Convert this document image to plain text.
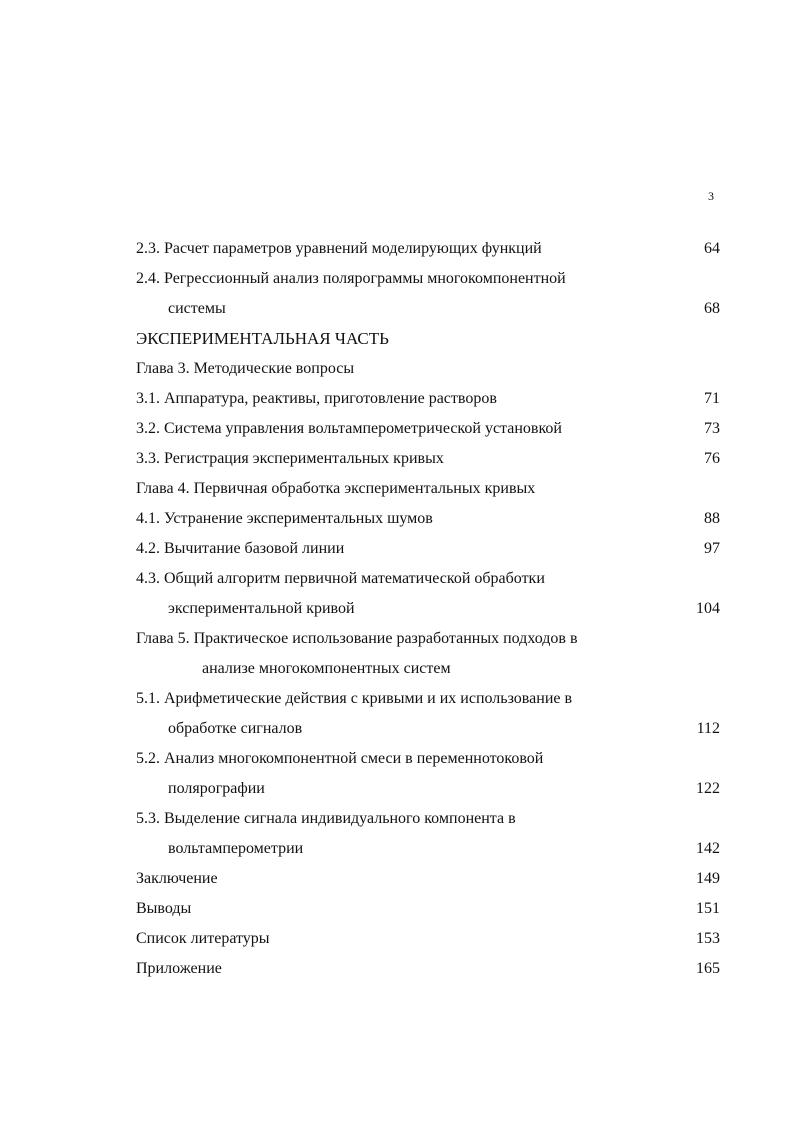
3
2.3. Расчет параметров уравнений моделирующих функций	64
2.4. Регрессионный анализ полярограммы многокомпонентной
системы	68
ЭКСПЕРИМЕНТАЛЬНАЯ ЧАСТЬ
Глава 3. Методические вопросы
3.1. Аппаратура, реактивы, приготовление растворов	71
3.2. Система управления вольтамперометрической установкой	73
3.3. Регистрация экспериментальных кривых	76
Глава 4. Первичная обработка экспериментальных кривых
4.1. Устранение экспериментальных шумов	88
4.2. Вычитание базовой линии	97
4.3. Общий алгоритм первичной математической обработки
экспериментальной кривой	104
Глава 5. Практическое использование разработанных подходов в
анализе многокомпонентных систем
5.1. Арифметические действия с кривыми и их использование в
обработке сигналов	112
5.2. Анализ многокомпонентной смеси в переменнотоковой
полярографии	122
5.3. Выделение сигнала индивидуального компонента в
вольтамперометрии	142
Заключение	149
Выводы	151
Список литературы	153
Приложение	165
